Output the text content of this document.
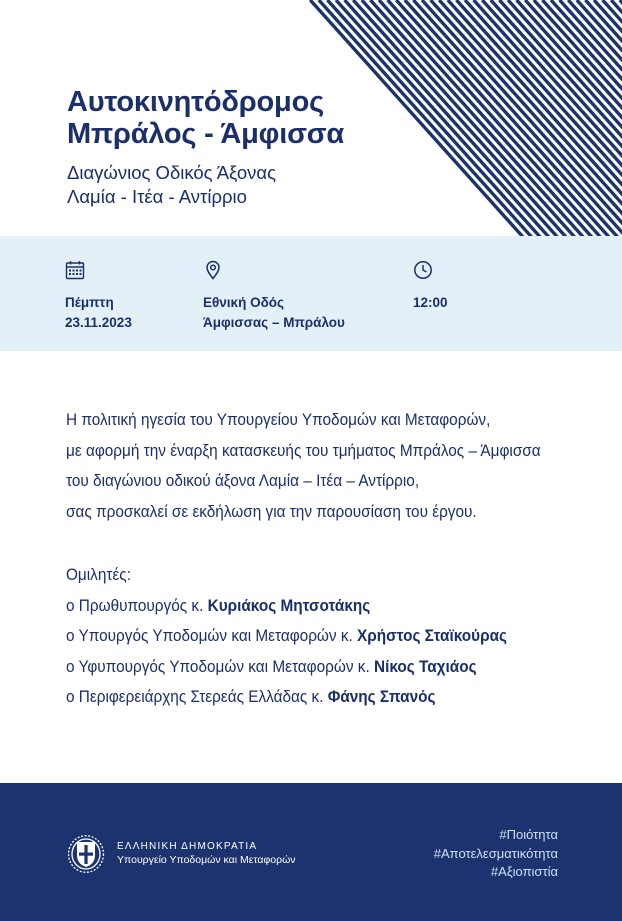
Αυτοκινητόδρομος
Μπράλος - Άμφισσα
Διαγώνιος Οδικός Άξονας
Λαμία - Ιτέα - Αντίρριο
Πέμπτη
23.11.2023
Εθνική Οδός
Άμφισσας – Μπράλου
12:00
Η πολιτική ηγεσία του Υπουργείου Υποδομών και Μεταφορών,
με αφορμή την έναρξη κατασκευής του τμήματος Μπράλος – Άμφισσα
του διαγώνιου οδικού άξονα Λαμία – Ιτέα – Αντίρριο,
σας προσκαλεί σε εκδήλωση για την παρουσίαση του έργου.
Ομιλητές:
ο Πρωθυπουργός κ. Κυριάκος Μητσοτάκης
ο Υπουργός Υποδομών και Μεταφορών κ. Χρήστος Σταϊκούρας
ο Υφυπουργός Υποδομών και Μεταφορών κ. Νίκος Ταχιάος
ο Περιφερειάρχης Στερεάς Ελλάδας κ. Φάνης Σπανός
ΕΛΛΗΝΙΚΗ ΔΗΜΟΚΡΑΤΙΑ
Υπουργείο Υποδομών και Μεταφορών
#Ποιότητα
#Αποτελεσματικότητα
#Αξιοπιστία
